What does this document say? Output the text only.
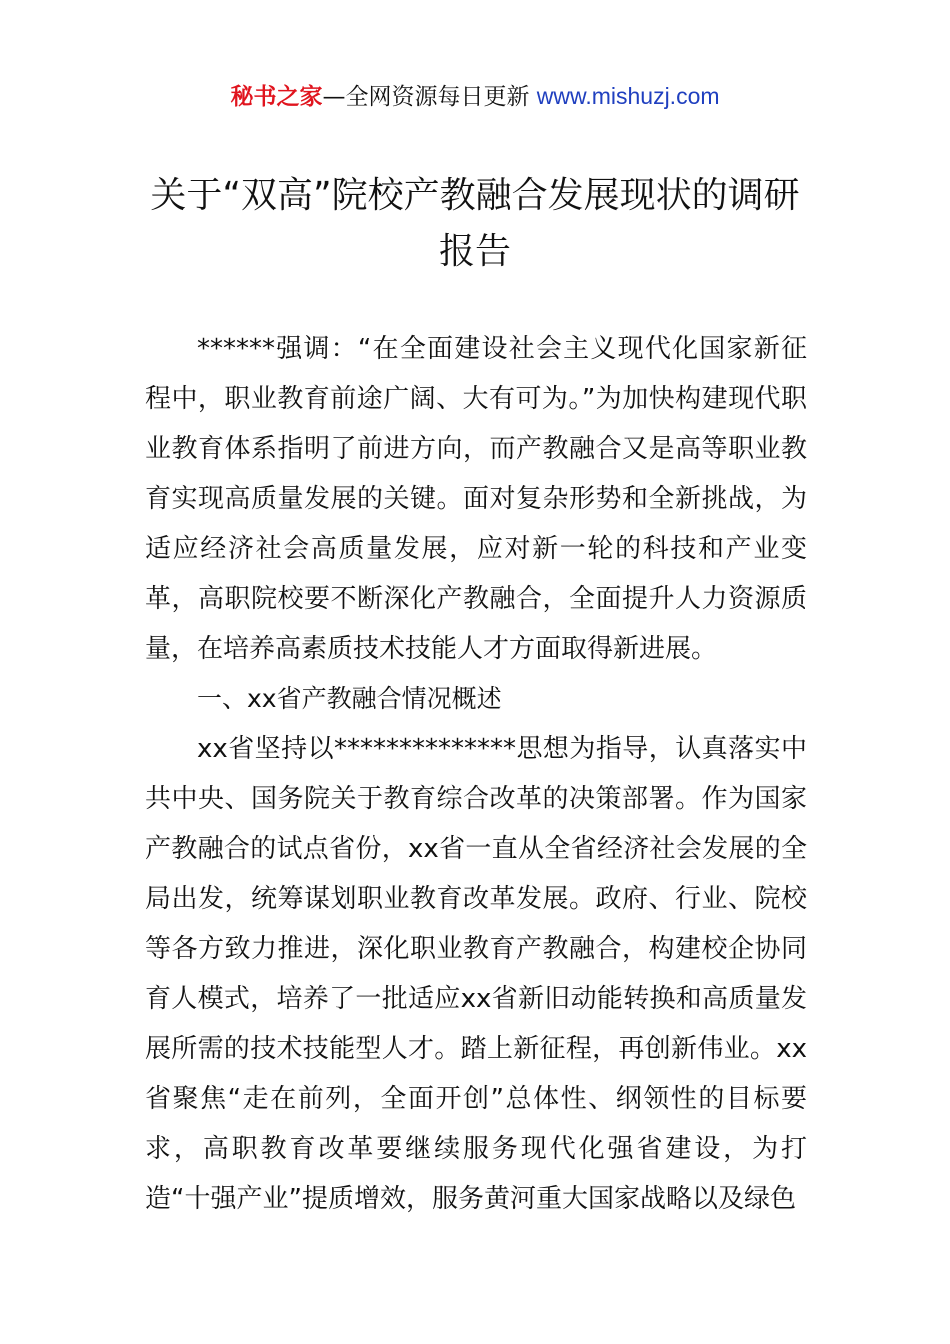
秘书之家—全网资源每日更新 www.mishuzj.com
关于“双高”院校产教融合发展现状的调研报告

******强调：“在全面建设社会主义现代化国家新征程中，职业教育前途广阔、大有可为。”为加快构建现代职业教育体系指明了前进方向，而产教融合又是高等职业教育实现高质量发展的关键。面对复杂形势和全新挑战，为适应经济社会高质量发展，应对新一轮的科技和产业变革，高职院校要不断深化产教融合，全面提升人力资源质量，在培养高素质技术技能人才方面取得新进展。

一、xx省产教融合情况概述

xx省坚持以**************思想为指导，认真落实中共中央、国务院关于教育综合改革的决策部署。作为国家产教融合的试点省份，xx省一直从全省经济社会发展的全局出发，统筹谋划职业教育改革发展。政府、行业、院校等各方致力推进，深化职业教育产教融合，构建校企协同育人模式，培养了一批适应xx省新旧动能转换和高质量发展所需的技术技能型人才。踏上新征程，再创新伟业。xx省聚焦“走在前列，全面开创”总体性、纲领性的目标要求，高职教育改革要继续服务现代化强省建设，为打造“十强产业”提质增效，服务黄河重大国家战略以及绿色
